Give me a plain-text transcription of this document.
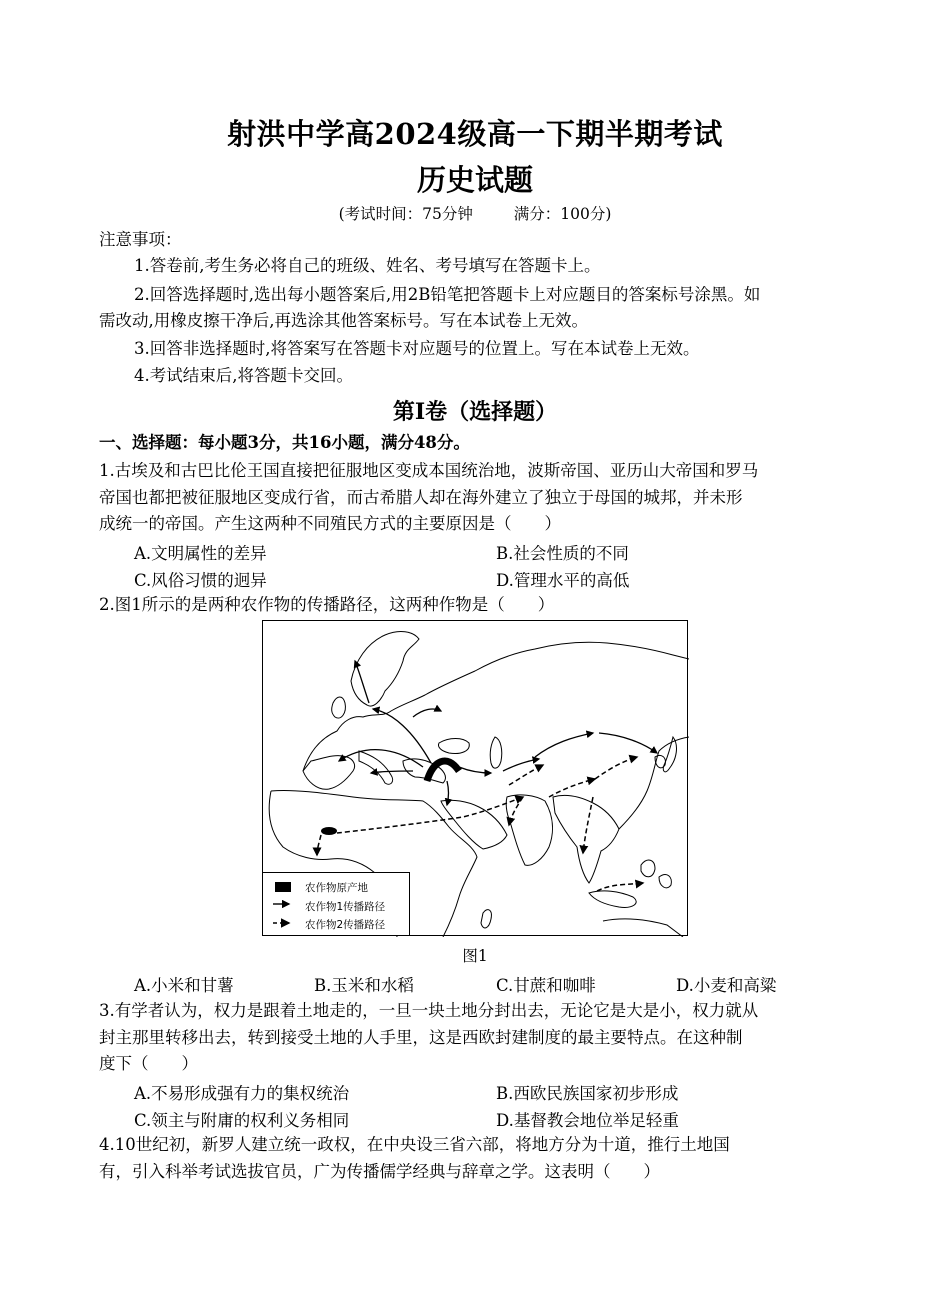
射洪中学高2024级高一下期半期考试
历史试题
(考试时间：75分钟	满分：100分)
注意事项：
1.答卷前,考生务必将自己的班级、姓名、考号填写在答题卡上。
2.回答选择题时,选出每小题答案后,用2B铅笔把答题卡上对应题目的答案标号涂黑。如
需改动,用橡皮擦干净后,再选涂其他答案标号。写在本试卷上无效。
3.回答非选择题时,将答案写在答题卡对应题号的位置上。写在本试卷上无效。
4.考试结束后,将答题卡交回。
第Ⅰ卷（选择题）
一、选择题：每小题3分，共16小题，满分48分。
1.古埃及和古巴比伦王国直接把征服地区变成本国统治地，波斯帝国、亚历山大帝国和罗马
帝国也都把被征服地区变成行省，而古希腊人却在海外建立了独立于母国的城邦，并未形
成统一的帝国。产生这两种不同殖民方式的主要原因是（　　）
A.文明属性的差异	B.社会性质的不同
C.风俗习惯的迥异	D.管理水平的高低
2.图1所示的是两种农作物的传播路径，这两种作物是（　　）
农作物原产地
农作物1传播路径
农作物2传播路径
图1
A.小米和甘薯	B.玉米和水稻	C.甘蔗和咖啡	D.小麦和高粱
3.有学者认为，权力是跟着土地走的，一旦一块土地分封出去，无论它是大是小，权力就从
封主那里转移出去，转到接受土地的人手里，这是西欧封建制度的最主要特点。在这种制
度下（　　）
A.不易形成强有力的集权统治	B.西欧民族国家初步形成
C.领主与附庸的权利义务相同	D.基督教会地位举足轻重
4.10世纪初，新罗人建立统一政权，在中央设三省六部，将地方分为十道，推行土地国
有，引入科举考试选拔官员，广为传播儒学经典与辞章之学。这表明（　　）
